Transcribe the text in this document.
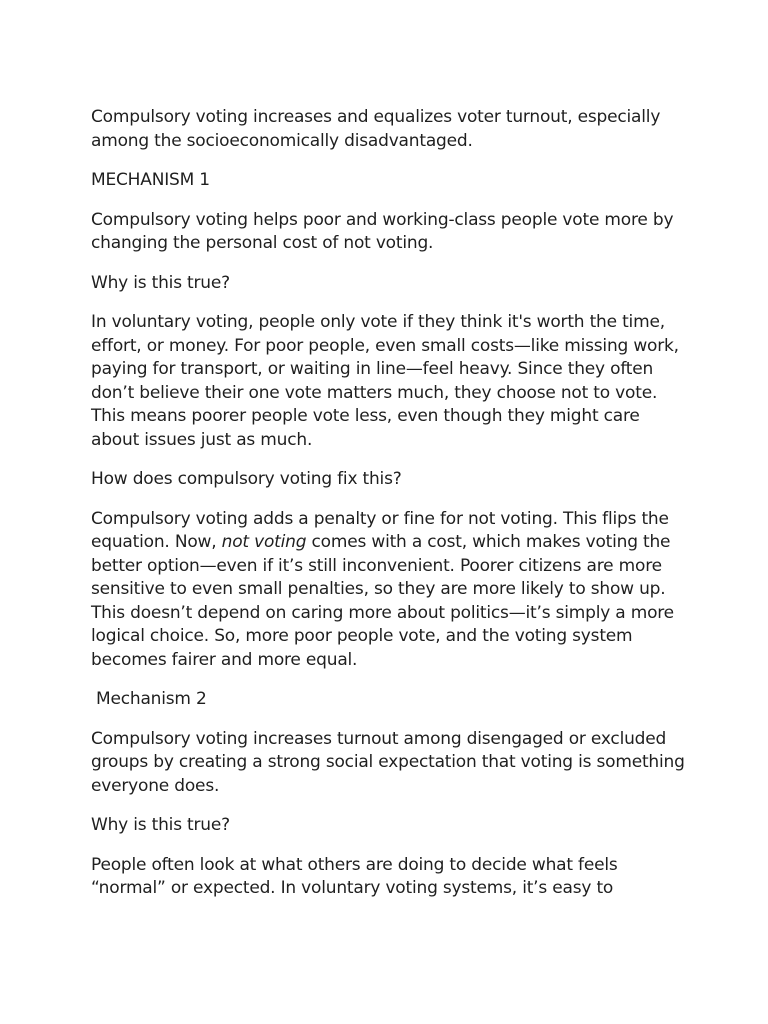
Compulsory voting increases and equalizes voter turnout, especially among the socioeconomically disadvantaged.

MECHANISM 1

Compulsory voting helps poor and working-class people vote more by changing the personal cost of not voting.

Why is this true?

In voluntary voting, people only vote if they think it's worth the time, effort, or money. For poor people, even small costs—like missing work, paying for transport, or waiting in line—feel heavy. Since they often don’t believe their one vote matters much, they choose not to vote. This means poorer people vote less, even though they might care about issues just as much.

How does compulsory voting fix this?

Compulsory voting adds a penalty or fine for not voting. This flips the equation. Now, not voting comes with a cost, which makes voting the better option—even if it’s still inconvenient. Poorer citizens are more sensitive to even small penalties, so they are more likely to show up. This doesn’t depend on caring more about politics—it’s simply a more logical choice. So, more poor people vote, and the voting system becomes fairer and more equal.

Mechanism 2

Compulsory voting increases turnout among disengaged or excluded groups by creating a strong social expectation that voting is something everyone does.

Why is this true?

People often look at what others are doing to decide what feels “normal” or expected. In voluntary voting systems, it’s easy to
